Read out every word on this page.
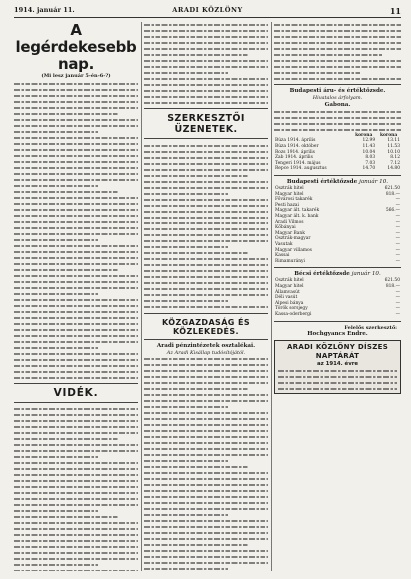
1914. január 11.	ARADI KÖZLÖNY	11
A legérdekesebb nap.
(Mi lesz január 5-én-6-?)
VIDÉK.
SZERKESZTŐI ÜZENETEK.
KÖZGAZDASÁG ÉS KÖZLEKEDÉS.
Aradi pénzintézetek osztalékai.
Az Aradi Kisállap tudósítójától.
Budapesti áru- és értéktőzsde.
Hivatalos árfolyam.
Gabona.
	korona	korona
Búza 1914. április	12.99	13.11
Búza 1914. október	11.43	11.53
Rozs 1914. április	10.04	10.10
Zab 1914. április	8.03	8.12
Tengeri 1914. május	7.03	7.12
Repce 1914. augusztus	14.70	14.80
Budapesti értéktőzsde január 10.
Osztrák hitel	621.50
Magyar hitel	818.—
Fővárosi takarék	—
Pesti hazai	—
Magyar ált. takarék	566.—
Magyar ált. k. bank	—
Aradi Vilmos	—
Kőbányai	—
Magyar Bank	—
Osztrák-magyar	—
Vasutak	—
Magyar villamos	—
Kassai	—
Rimamurányi	—
Bécsi értéktőzsde január 10.
Osztrák hitel	621.50
Magyar hitel	818.—
Államvasút	—
Déli vasút	—
Alpesi bánya	—
Török sorsjegy	—
Kassa-oderbergi	—
Felelős szerkesztő:
Hochgyancs Endre.
ARADI KÖZLÖNY DÍSZES NAPTÁRÁT
az 1914. évre
